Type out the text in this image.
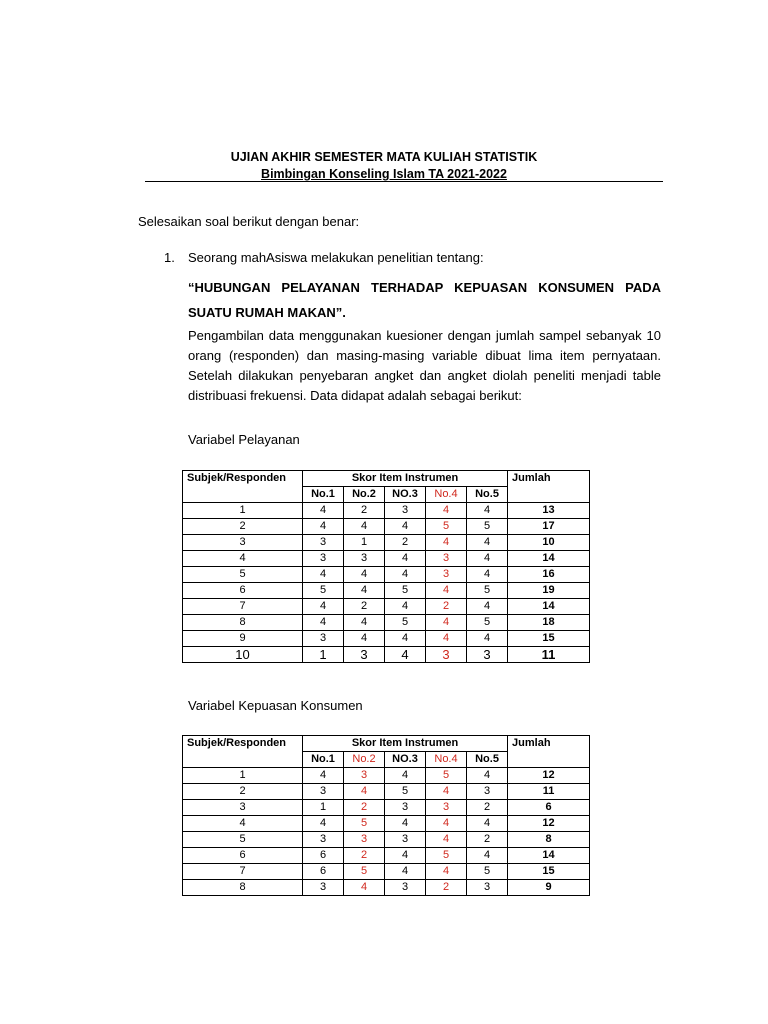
UJIAN AKHIR SEMESTER MATA KULIAH STATISTIK
Bimbingan Konseling Islam TA 2021-2022
Selesaikan soal berikut dengan benar:
1. Seorang mahAsiswa melakukan penelitian tentang:
“HUBUNGAN PELAYANAN TERHADAP KEPUASAN KONSUMEN PADA SUATU RUMAH MAKAN”.
Pengambilan data menggunakan kuesioner dengan jumlah sampel sebanyak 10 orang (responden) dan masing-masing variable dibuat lima item pernyataan. Setelah dilakukan penyebaran angket dan angket diolah peneliti menjadi table distribuasi frekuensi. Data didapat adalah sebagai berikut:
Variabel Pelayanan
Subjek/Responden	Skor Item Instrumen					Jumlah
	No.1	No.2	NO.3	No.4	No.5	
1	4	2	3	4	4	13
2	4	4	4	5	5	17
3	3	1	2	4	4	10
4	3	3	4	3	4	14
5	4	4	4	3	4	16
6	5	4	5	4	5	19
7	4	2	4	2	4	14
8	4	4	5	4	5	18
9	3	4	4	4	4	15
10	1	3	4	3	3	11
Variabel Kepuasan Konsumen
Subjek/Responden	Skor Item Instrumen					Jumlah
	No.1	No.2	NO.3	No.4	No.5	
1	4	3	4	5	4	12
2	3	4	5	4	3	11
3	1	2	3	3	2	6
4	4	5	4	4	4	12
5	3	3	3	4	2	8
6	6	2	4	5	4	14
7	6	5	4	4	5	15
8	3	4	3	2	3	9
